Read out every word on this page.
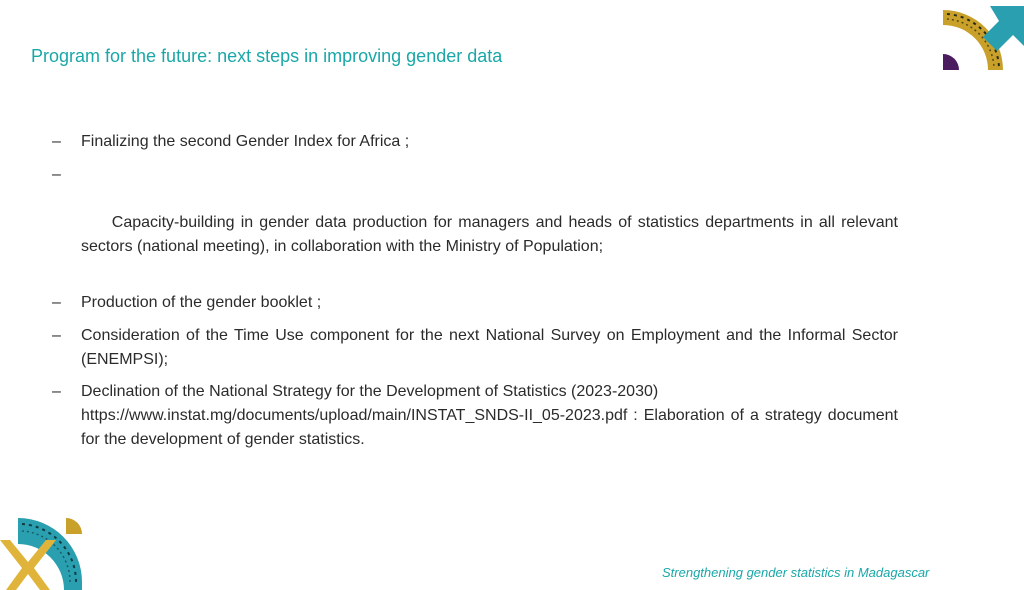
Program for the future: next steps in improving gender data
–	Finalizing the second Gender Index for Africa ;

–

Capacity-building in gender data production for managers and heads of statistics departments in all relevant sectors (national meeting), in collaboration with the Ministry of Population;

–	Production of the gender booklet ;
–	Consideration of the Time Use component for the next National Survey on Employment and the Informal Sector (ENEMPSI);
–	Declination of the National Strategy for the Development of Statistics (2023-2030)
https://www.instat.mg/documents/upload/main/INSTAT_SNDS-II_05-2023.pdf : Elaboration of a strategy document for the development of gender statistics.
Strengthening gender statistics in Madagascar
